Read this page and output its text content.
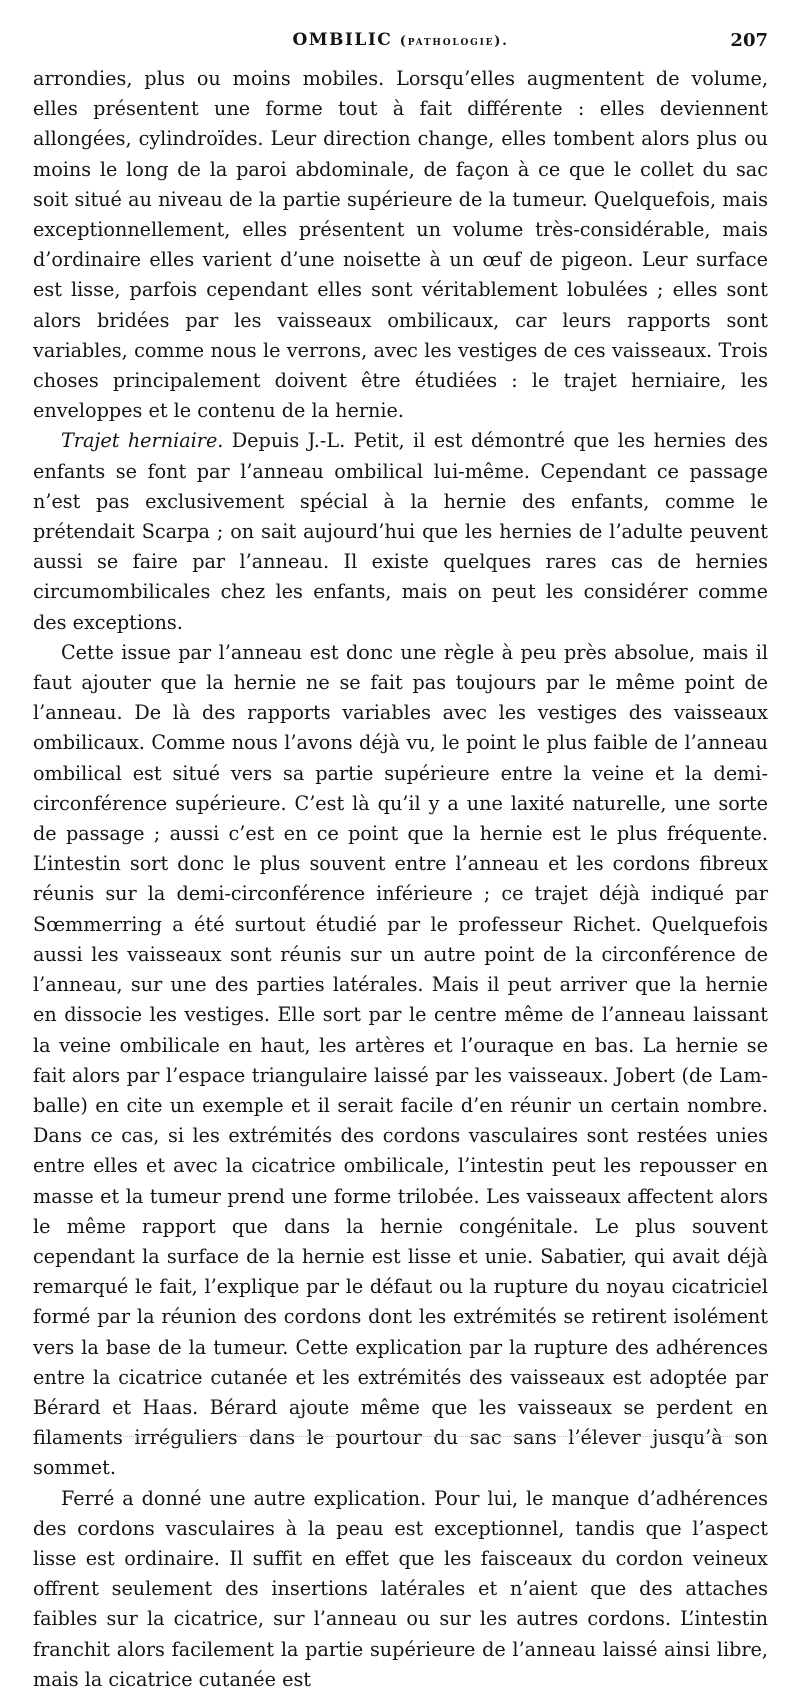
OMBILIC (pathologie).	207

arrondies, plus ou moins mobiles. Lorsqu’elles augmentent de volume, elles présentent une forme tout à fait différente : elles deviennent allongées, cylindroïdes. Leur direction change, elles tombent alors plus ou moins le long de la paroi abdominale, de façon à ce que le collet du sac soit situé au niveau de la partie supérieure de la tumeur. Quelquefois, mais exceptionnellement, elles présentent un volume très-considérable, mais d’ordinaire elles varient d’une noisette à un œuf de pigeon. Leur surface est lisse, parfois cependant elles sont véritablement lobulées ; elles sont alors bridées par les vaisseaux ombilicaux, car leurs rapports sont variables, comme nous le verrons, avec les vestiges de ces vaisseaux. Trois choses principalement doivent être étudiées : le trajet herniaire, les enveloppes et le contenu de la hernie.

Trajet herniaire. Depuis J.-L. Petit, il est démontré que les hernies des enfants se font par l’anneau ombilical lui-même. Cependant ce passage n’est pas exclusivement spécial à la hernie des enfants, comme le prétendait Scarpa ; on sait aujourd’hui que les hernies de l’adulte peuvent aussi se faire par l’anneau. Il existe quelques rares cas de hernies circumombilicales chez les enfants, mais on peut les considérer comme des exceptions.

Cette issue par l’anneau est donc une règle à peu près absolue, mais il faut ajouter que la hernie ne se fait pas toujours par le même point de l’anneau. De là des rapports variables avec les vestiges des vaisseaux ombilicaux. Comme nous l’avons déjà vu, le point le plus faible de l’anneau ombilical est situé vers sa partie supérieure entre la veine et la demi-circonférence supérieure. C’est là qu’il y a une laxité naturelle, une sorte de passage ; aussi c’est en ce point que la hernie est le plus fréquente. L’intestin sort donc le plus souvent entre l’anneau et les cordons fibreux réunis sur la demi-circonférence inférieure ; ce trajet déjà indiqué par Sœmmerring a été surtout étudié par le professeur Richet. Quelquefois aussi les vaisseaux sont réunis sur un autre point de la circonférence de l’anneau, sur une des parties latérales. Mais il peut arriver que la hernie en dissocie les vestiges. Elle sort par le centre même de l’anneau laissant la veine ombilicale en haut, les artères et l’ouraque en bas. La hernie se fait alors par l’espace triangulaire laissé par les vaisseaux. Jobert (de Lamballe) en cite un exemple et il serait facile d’en réunir un certain nombre. Dans ce cas, si les extrémités des cordons vasculaires sont restées unies entre elles et avec la cicatrice ombilicale, l’intestin peut les repousser en masse et la tumeur prend une forme trilobée. Les vaisseaux affectent alors le même rapport que dans la hernie congénitale. Le plus souvent cependant la surface de la hernie est lisse et unie. Sabatier, qui avait déjà remarqué le fait, l’explique par le défaut ou la rupture du noyau cicatriciel formé par la réunion des cordons dont les extrémités se retirent isolément vers la base de la tumeur. Cette explication par la rupture des adhérences entre la cicatrice cutanée et les extrémités des vaisseaux est adoptée par Bérard et Haas. Bérard ajoute même que les vaisseaux se perdent en filaments irréguliers dans le pourtour du sac sans l’élever jusqu’à son sommet.

Ferré a donné une autre explication. Pour lui, le manque d’adhérences des cordons vasculaires à la peau est exceptionnel, tandis que l’aspect lisse est ordinaire. Il suffit en effet que les faisceaux du cordon veineux offrent seulement des insertions latérales et n’aient que des attaches faibles sur la cicatrice, sur l’anneau ou sur les autres cordons. L’intestin franchit alors facilement la partie supérieure de l’anneau laissé ainsi libre, mais la cicatrice cutanée est
